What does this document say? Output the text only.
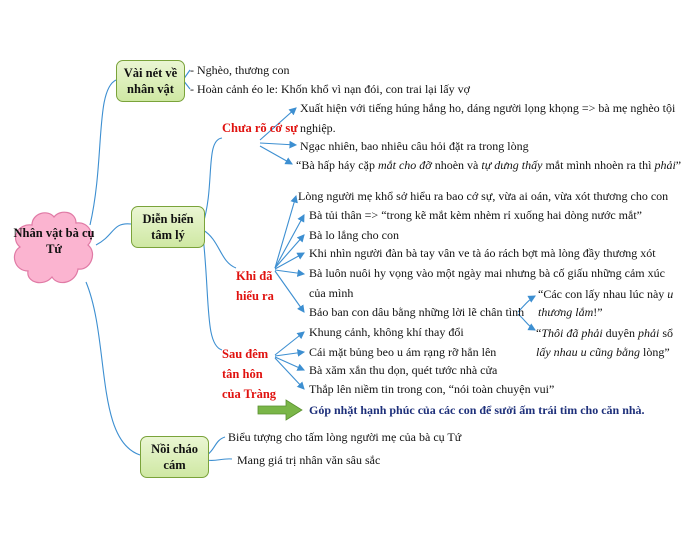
Nhân vật bà cụ Tứ
Vài nét về nhân vật
Diễn biến tâm lý
Nồi cháo cám
- Nghèo, thương con
- Hoàn cảnh éo le: Khốn khổ vì nạn đói, con trai lại lấy vợ
Chưa rõ cớ sự
Khi đã hiểu ra
Sau đêm tân hôn của Tràng
Xuất hiện với tiếng húng hắng ho, dáng người lọng khọng => bà mẹ nghèo tội
nghiệp.
Ngạc nhiên, bao nhiêu câu hỏi đặt ra trong lòng
“Bà hấp háy cặp mắt cho đỡ nhoèn và tự dưng thấy mắt mình nhoèn ra thì phải”
Lòng người mẹ khổ sở hiểu ra bao cớ sự, vừa ai oán, vừa xót thương cho con
Bà tủi thân => “trong kẽ mắt kèm nhèm rỉ xuống hai dòng nước mắt”
Bà lo lắng cho con
Khi nhìn người đàn bà tay vân ve tà áo rách bợt mà lòng đầy thương xót
Bà luôn nuôi hy vọng vào một ngày mai nhưng bà cố giấu những cảm xúc
của mình
Bảo ban con dâu bằng những lời lẽ chân tình
“Các con lấy nhau lúc này u
thương lắm!”
“Thôi đã phải duyên phải sổ
lấy nhau u cũng bằng lòng”
Khung cảnh, không khí thay đổi
Cái mặt bủng beo u ám rạng rỡ hẳn lên
Bà xăm xắn thu dọn, quét tước nhà cửa
Thắp lên niềm tin trong con, “nói toàn chuyện vui”
Góp nhặt hạnh phúc của các con để sưởi ấm trái tim cho căn nhà.
Biểu tượng cho tấm lòng người mẹ của bà cụ Tứ
Mang giá trị nhân văn sâu sắc
